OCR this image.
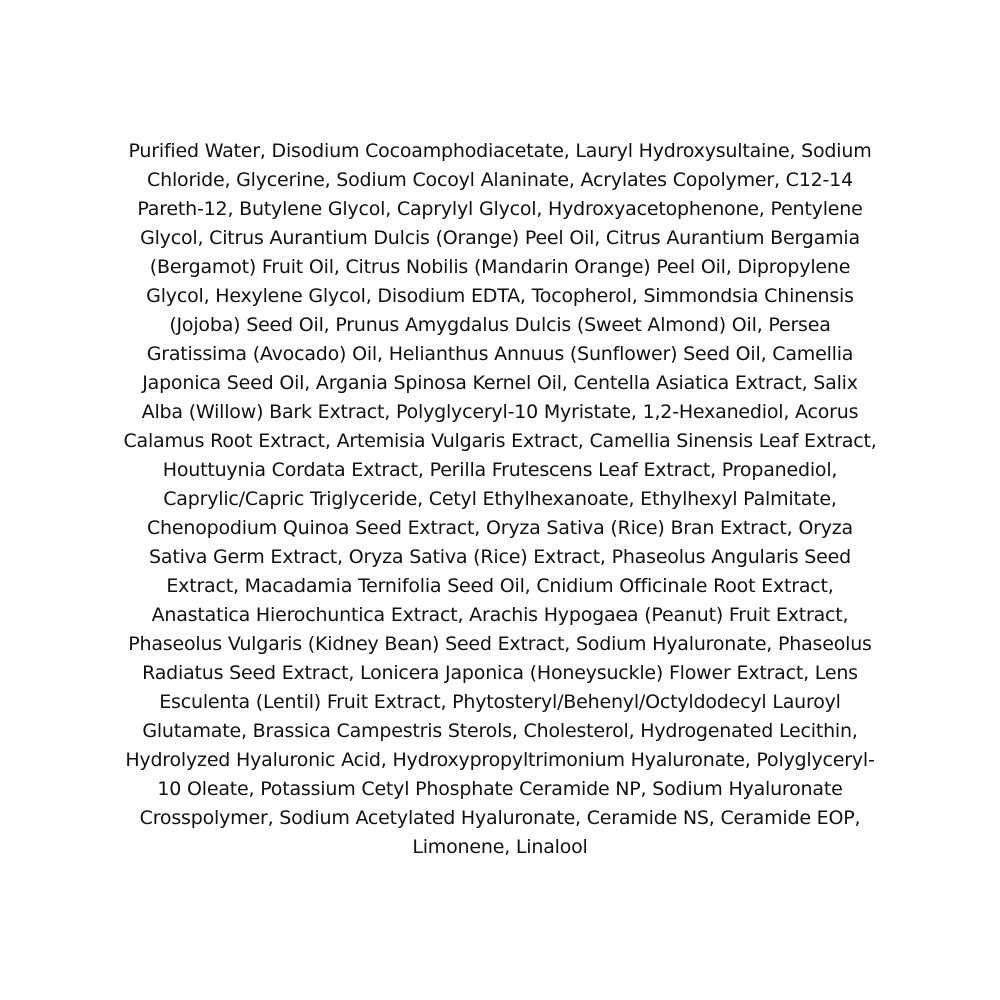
Purified Water, Disodium Cocoamphodiacetate, Lauryl Hydroxysultaine, Sodium
Chloride, Glycerine, Sodium Cocoyl Alaninate, Acrylates Copolymer, C12-14
Pareth-12, Butylene Glycol, Caprylyl Glycol, Hydroxyacetophenone, Pentylene
Glycol, Citrus Aurantium Dulcis (Orange) Peel Oil, Citrus Aurantium Bergamia
(Bergamot) Fruit Oil, Citrus Nobilis (Mandarin Orange) Peel Oil, Dipropylene
Glycol, Hexylene Glycol, Disodium EDTA, Tocopherol, Simmondsia Chinensis
(Jojoba) Seed Oil, Prunus Amygdalus Dulcis (Sweet Almond) Oil, Persea
Gratissima (Avocado) Oil, Helianthus Annuus (Sunflower) Seed Oil, Camellia
Japonica Seed Oil, Argania Spinosa Kernel Oil, Centella Asiatica Extract, Salix
Alba (Willow) Bark Extract, Polyglyceryl-10 Myristate, 1,2-Hexanediol, Acorus
Calamus Root Extract, Artemisia Vulgaris Extract, Camellia Sinensis Leaf Extract,
Houttuynia Cordata Extract, Perilla Frutescens Leaf Extract, Propanediol,
Caprylic/Capric Triglyceride, Cetyl Ethylhexanoate, Ethylhexyl Palmitate,
Chenopodium Quinoa Seed Extract, Oryza Sativa (Rice) Bran Extract, Oryza
Sativa Germ Extract, Oryza Sativa (Rice) Extract, Phaseolus Angularis Seed
Extract, Macadamia Ternifolia Seed Oil, Cnidium Officinale Root Extract,
Anastatica Hierochuntica Extract, Arachis Hypogaea (Peanut) Fruit Extract,
Phaseolus Vulgaris (Kidney Bean) Seed Extract, Sodium Hyaluronate, Phaseolus
Radiatus Seed Extract, Lonicera Japonica (Honeysuckle) Flower Extract, Lens
Esculenta (Lentil) Fruit Extract, Phytosteryl/Behenyl/Octyldodecyl Lauroyl
Glutamate, Brassica Campestris Sterols, Cholesterol, Hydrogenated Lecithin,
Hydrolyzed Hyaluronic Acid, Hydroxypropyltrimonium Hyaluronate, Polyglyceryl-
10 Oleate, Potassium Cetyl Phosphate Ceramide NP, Sodium Hyaluronate
Crosspolymer, Sodium Acetylated Hyaluronate, Ceramide NS, Ceramide EOP,
Limonene, Linalool
